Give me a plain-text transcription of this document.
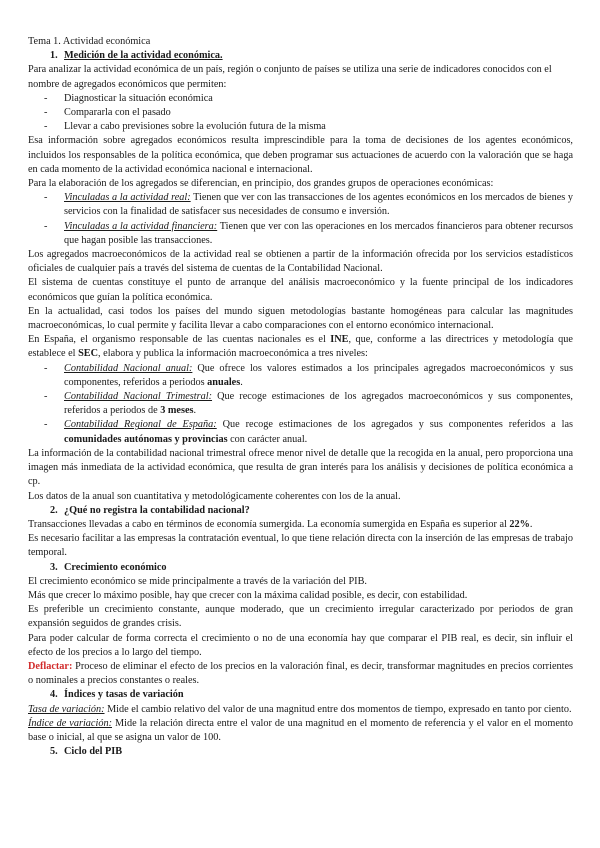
Tema 1. Actividad económica

1. Medición de la actividad económica.

Para analizar la actividad económica de un país, región o conjunto de países se utiliza una serie de indicadores conocidos con el nombre de agregados económicos que permiten:

- Diagnosticar la situación económica
- Compararla con el pasado
- Llevar a cabo previsiones sobre la evolución futura de la misma

Esa información sobre agregados económicos resulta imprescindible para la toma de decisiones de los agentes económicos, incluidos los responsables de la política económica, que deben programar sus actuaciones de acuerdo con la valoración que se haga en cada momento de la actividad económica nacional e internacional.

Para la elaboración de los agregados se diferencian, en principio, dos grandes grupos de operaciones económicas:

- Vinculadas a la actividad real: Tienen que ver con las transacciones de los agentes económicos en los mercados de bienes y servicios con la finalidad de satisfacer sus necesidades de consumo e inversión.
- Vinculadas a la actividad financiera: Tienen que ver con las operaciones en los mercados financieros para obtener recursos que hagan posible las transacciones.

Los agregados macroeconómicos de la actividad real se obtienen a partir de la información ofrecida por los servicios estadísticos oficiales de cualquier país a través del sistema de cuentas de la Contabilidad Nacional.

El sistema de cuentas constituye el punto de arranque del análisis macroeconómico y la fuente principal de los indicadores económicos que guían la política económica.

En la actualidad, casi todos los países del mundo siguen metodologías bastante homogéneas para calcular las magnitudes macroeconómicas, lo cual permite y facilita llevar a cabo comparaciones con el entorno económico internacional.

En España, el organismo responsable de las cuentas nacionales es el INE, que, conforme a las directrices y metodología que establece el SEC, elabora y publica la información macroeconómica a tres niveles:

- Contabilidad Nacional anual: Que ofrece los valores estimados a los principales agregados macroeconómicos y sus componentes, referidos a periodos anuales.
- Contabilidad Nacional Trimestral: Que recoge estimaciones de los agregados macroeconómicos y sus componentes, referidos a periodos de 3 meses.
- Contabilidad Regional de España: Que recoge estimaciones de los agregados y sus componentes referidos a las comunidades autónomas y provincias con carácter anual.

La información de la contabilidad nacional trimestral ofrece menor nivel de detalle que la recogida en la anual, pero proporciona una imagen más inmediata de la actividad económica, que resulta de gran interés para los análisis y decisiones de política económica a cp.

Los datos de la anual son cuantitativa y metodológicamente coherentes con los de la anual.

2. ¿Qué no registra la contabilidad nacional?

Transacciones llevadas a cabo en términos de economía sumergida. La economía sumergida en España es superior al 22%.

Es necesario facilitar a las empresas la contratación eventual, lo que tiene relación directa con la inserción de las empresas de trabajo temporal.

3. Crecimiento económico

El crecimiento económico se mide principalmente a través de la variación del PIB.

Más que crecer lo máximo posible, hay que crecer con la máxima calidad posible, es decir, con estabilidad.

Es preferible un crecimiento constante, aunque moderado, que un crecimiento irregular caracterizado por periodos de gran expansión seguidos de grandes crisis.

Para poder calcular de forma correcta el crecimiento o no de una economía hay que comparar el PIB real, es decir, sin influir el efecto de los precios a lo largo del tiempo.

Deflactar: Proceso de eliminar el efecto de los precios en la valoración final, es decir, transformar magnitudes en precios corrientes o nominales a precios constantes o reales.

4. Índices y tasas de variación

Tasa de variación: Mide el cambio relativo del valor de una magnitud entre dos momentos de tiempo, expresado en tanto por ciento.

Índice de variación: Mide la relación directa entre el valor de una magnitud en el momento de referencia y el valor en el momento base o inicial, al que se asigna un valor de 100.

5. Ciclo del PIB
